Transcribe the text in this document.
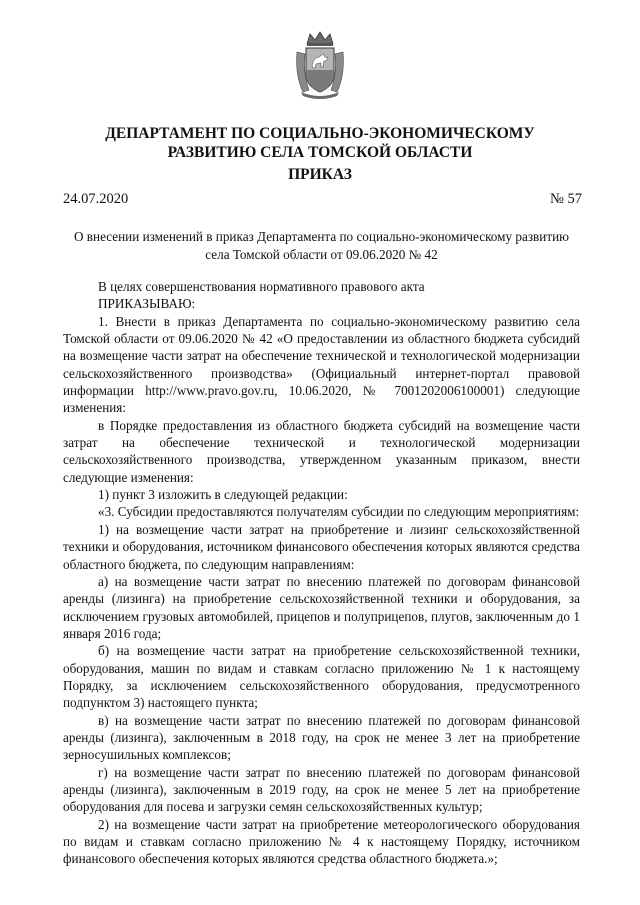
ДЕПАРТАМЕНТ ПО СОЦИАЛЬНО-ЭКОНОМИЧЕСКОМУ
РАЗВИТИЮ СЕЛА ТОМСКОЙ ОБЛАСТИ
ПРИКАЗ
24.07.2020	№ 57
О внесении изменений в приказ Департамента по социально-экономическому развитию села Томской области от 09.06.2020 № 42

В целях совершенствования нормативного правового акта

ПРИКАЗЫВАЮ:

1. Внести в приказ Департамента по социально-экономическому развитию села Томской области от 09.06.2020 № 42 «О предоставлении из областного бюджета субсидий на возмещение части затрат на обеспечение технической и технологической модернизации сельскохозяйственного производства» (Официальный интернет-портал правовой информации http://www.pravo.gov.ru, 10.06.2020, № 7001202006100001) следующие изменения:

в Порядке предоставления из областного бюджета субсидий на возмещение части затрат на обеспечение технической и технологической модернизации сельскохозяйственного производства, утвержденном указанным приказом, внести следующие изменения:

1) пункт 3 изложить в следующей редакции:

«3. Субсидии предоставляются получателям субсидии по следующим мероприятиям:

1) на возмещение части затрат на приобретение и лизинг сельскохозяйственной техники и оборудования, источником финансового обеспечения которых являются средства областного бюджета, по следующим направлениям:

а) на возмещение части затрат по внесению платежей по договорам финансовой аренды (лизинга) на приобретение сельскохозяйственной техники и оборудования, за исключением грузовых автомобилей, прицепов и полуприцепов, плугов, заключенным до 1 января 2016 года;

б) на возмещение части затрат на приобретение сельскохозяйственной техники, оборудования, машин по видам и ставкам согласно приложению № 1 к настоящему Порядку, за исключением сельскохозяйственного оборудования, предусмотренного подпунктом 3) настоящего пункта;

в) на возмещение части затрат по внесению платежей по договорам финансовой аренды (лизинга), заключенным в 2018 году, на срок не менее 3 лет на приобретение зерносушильных комплексов;

г) на возмещение части затрат по внесению платежей по договорам финансовой аренды (лизинга), заключенным в 2019 году, на срок не менее 5 лет на приобретение оборудования для посева и загрузки семян сельскохозяйственных культур;

2) на возмещение части затрат на приобретение метеорологического оборудования по видам и ставкам согласно приложению № 4 к настоящему Порядку, источником финансового обеспечения которых являются средства областного бюджета.»;
